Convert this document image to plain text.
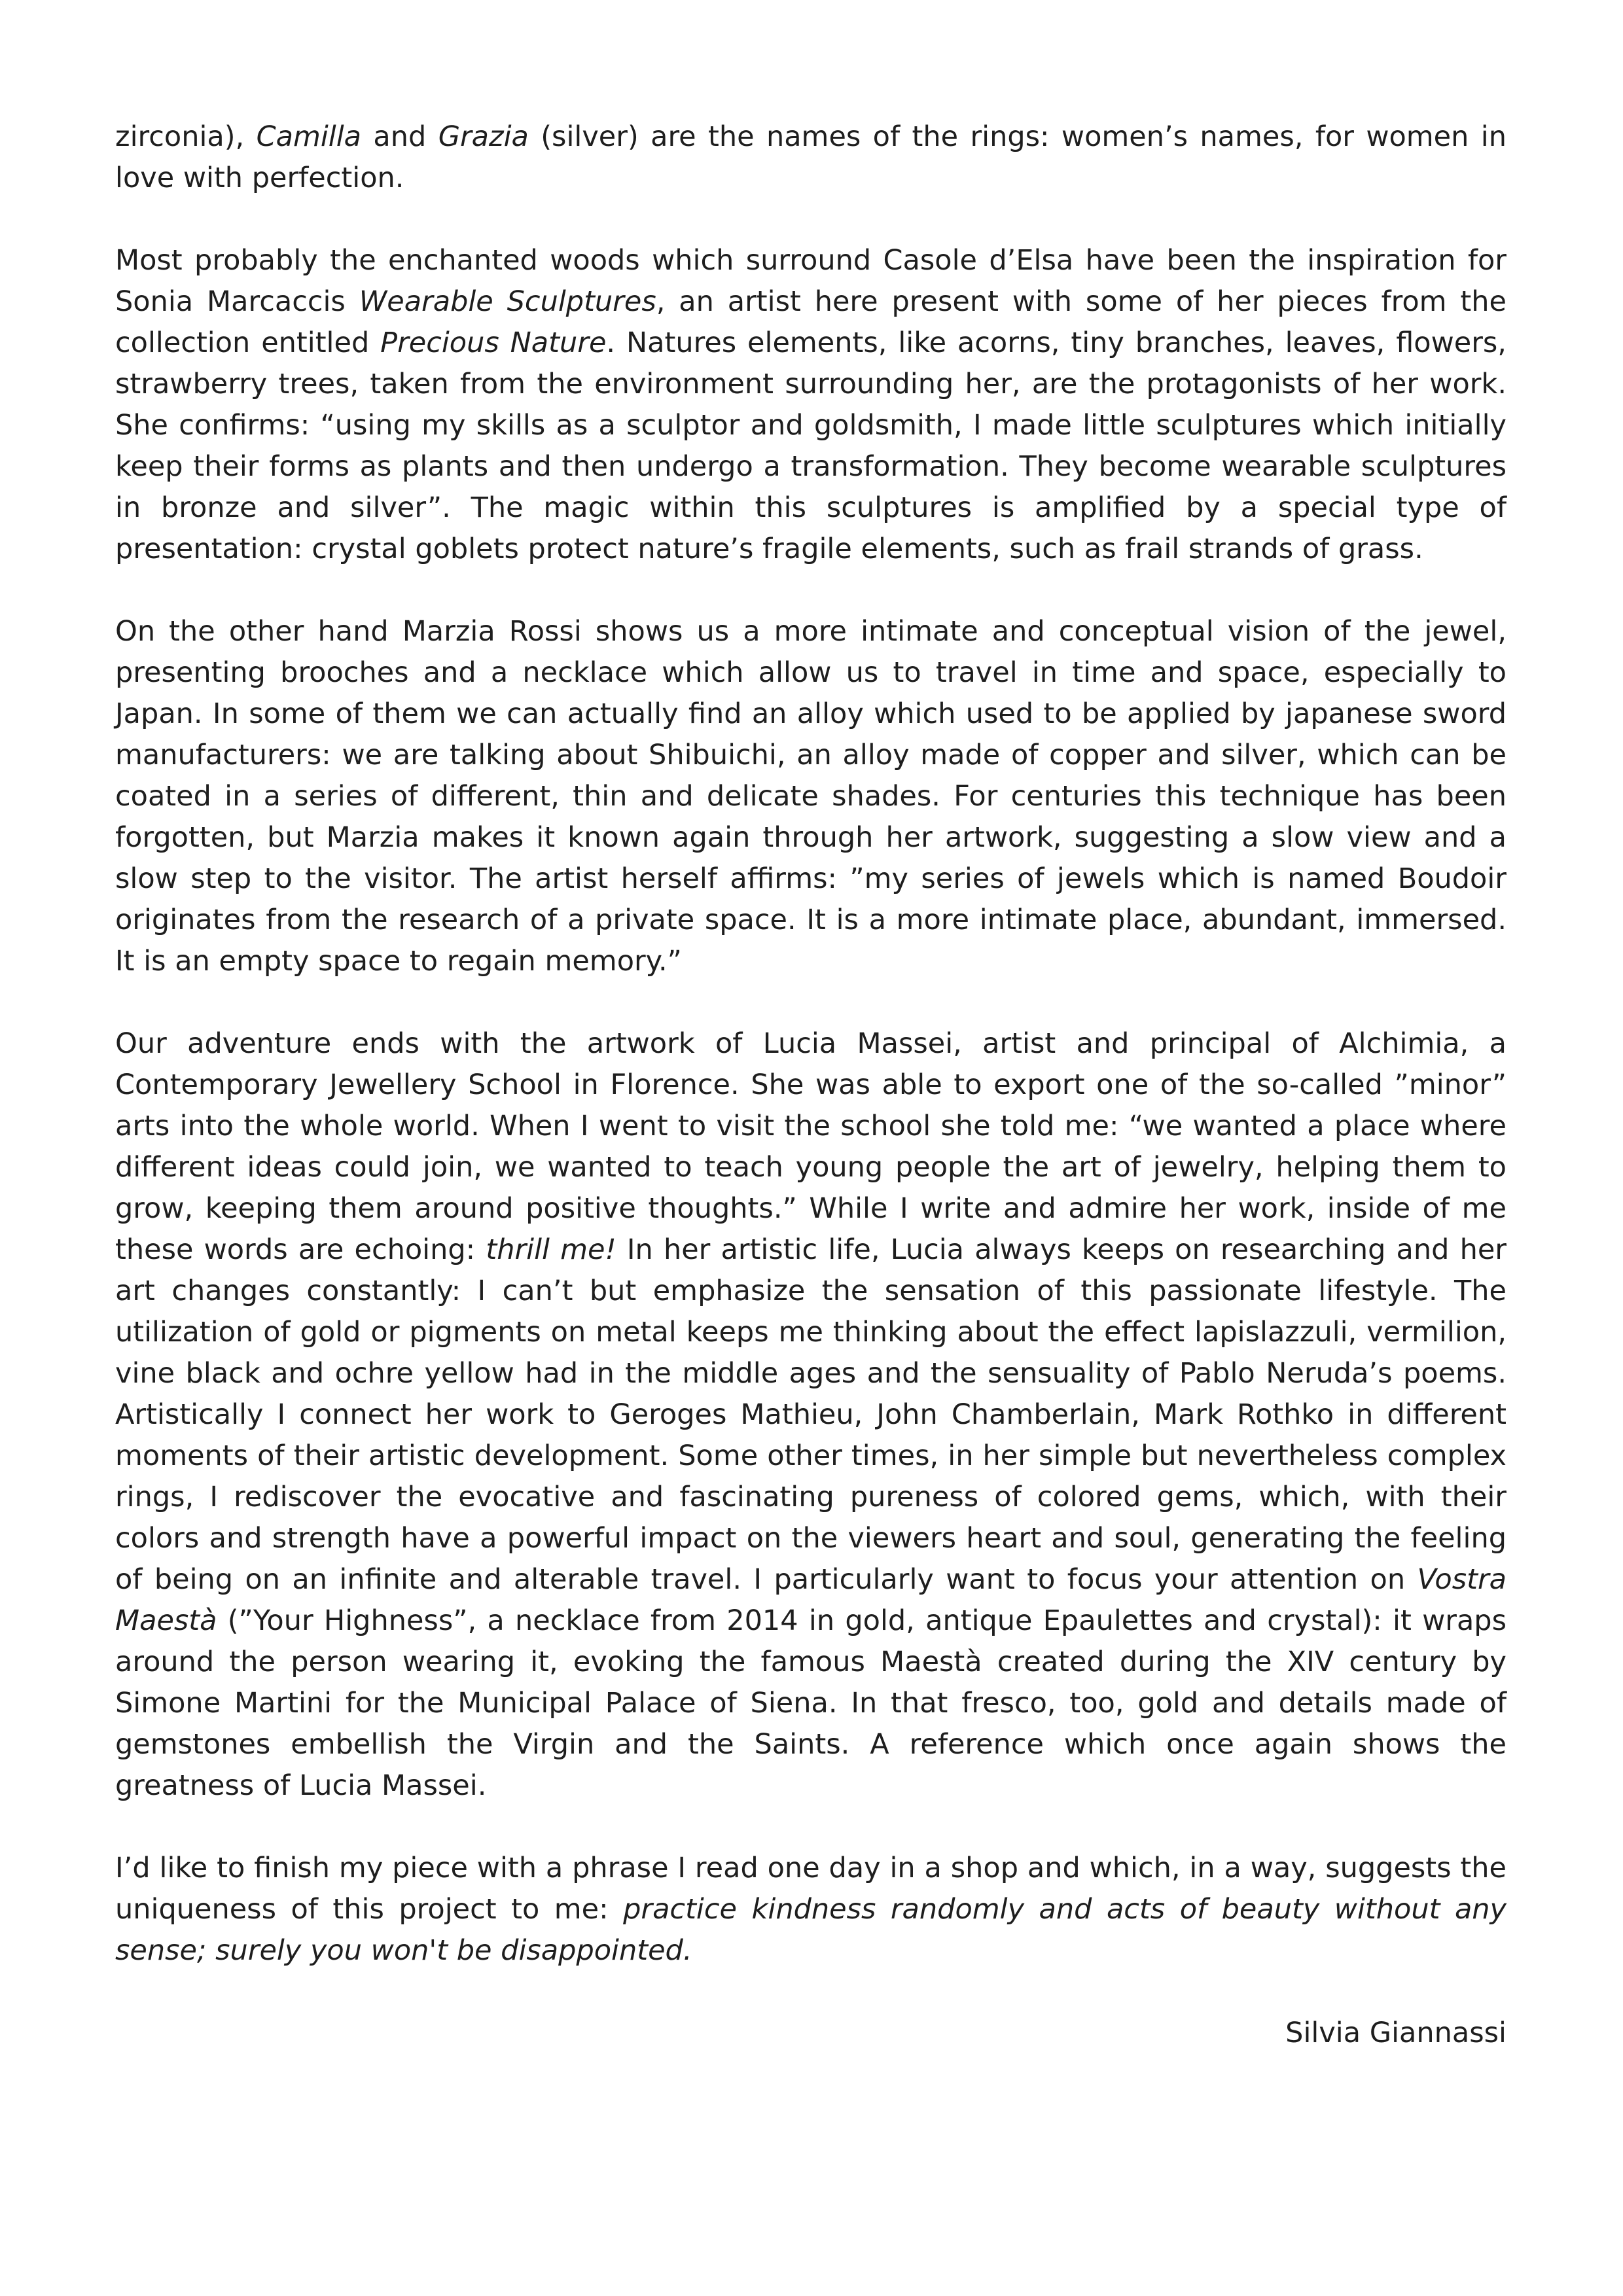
zirconia), Camilla and Grazia (silver) are the names of the rings: women’s names, for women in love with perfection.

Most probably the enchanted woods which surround Casole d’Elsa have been the inspiration for Sonia Marcaccis Wearable Sculptures, an artist here present with some of her pieces from the collection entitled Precious Nature. Natures elements, like acorns, tiny branches, leaves, flowers, strawberry trees, taken from the environment surrounding her, are the protagonists of her work. She confirms: “using my skills as a sculptor and goldsmith, I made little sculptures which initially keep their forms as plants and then undergo a transformation. They become wearable sculptures in bronze and silver”. The magic within this sculptures is amplified by a special type of presentation: crystal goblets protect nature’s fragile elements, such as frail strands of grass.

On the other hand Marzia Rossi shows us a more intimate and conceptual vision of the jewel, presenting brooches and a necklace which allow us to travel in time and space, especially to Japan. In some of them we can actually find an alloy which used to be applied by japanese sword manufacturers: we are talking about Shibuichi, an alloy made of copper and silver, which can be coated in a series of different, thin and delicate shades. For centuries this technique has been forgotten, but Marzia makes it known again through her artwork, suggesting a slow view and a slow step to the visitor. The artist herself affirms: ”my series of jewels which is named Boudoir originates from the research of a private space. It is a more intimate place, abundant, immersed. It is an empty space to regain memory.”

Our adventure ends with the artwork of Lucia Massei, artist and principal of Alchimia, a Contemporary Jewellery School in Florence. She was able to export one of the so-called ”minor” arts into the whole world. When I went to visit the school she told me: “we wanted a place where different ideas could join, we wanted to teach young people the art of jewelry, helping them to grow, keeping them around positive thoughts.” While I write and admire her work, inside of me these words are echoing: thrill me! In her artistic life, Lucia always keeps on researching and her art changes constantly: I can’t but emphasize the sensation of this passionate lifestyle. The utilization of gold or pigments on metal keeps me thinking about the effect lapislazzuli, vermilion, vine black and ochre yellow had in the middle ages and the sensuality of Pablo Neruda’s poems. Artistically I connect her work to Geroges Mathieu, John Chamberlain, Mark Rothko in different moments of their artistic development. Some other times, in her simple but nevertheless complex rings, I rediscover the evocative and fascinating pureness of colored gems, which, with their colors and strength have a powerful impact on the viewers heart and soul, generating the feeling of being on an infinite and alterable travel. I particularly want to focus your attention on Vostra Maestà (”Your Highness”, a necklace from 2014 in gold, antique Epaulettes and crystal): it wraps around the person wearing it, evoking the famous Maestà created during the XIV century by Simone Martini for the Municipal Palace of Siena. In that fresco, too, gold and details made of gemstones embellish the Virgin and the Saints. A reference which once again shows the greatness of Lucia Massei.

I’d like to finish my piece with a phrase I read one day in a shop and which, in a way, suggests the uniqueness of this project to me: practice kindness randomly and acts of beauty without any sense; surely you won't be disappointed.

Silvia Giannassi
